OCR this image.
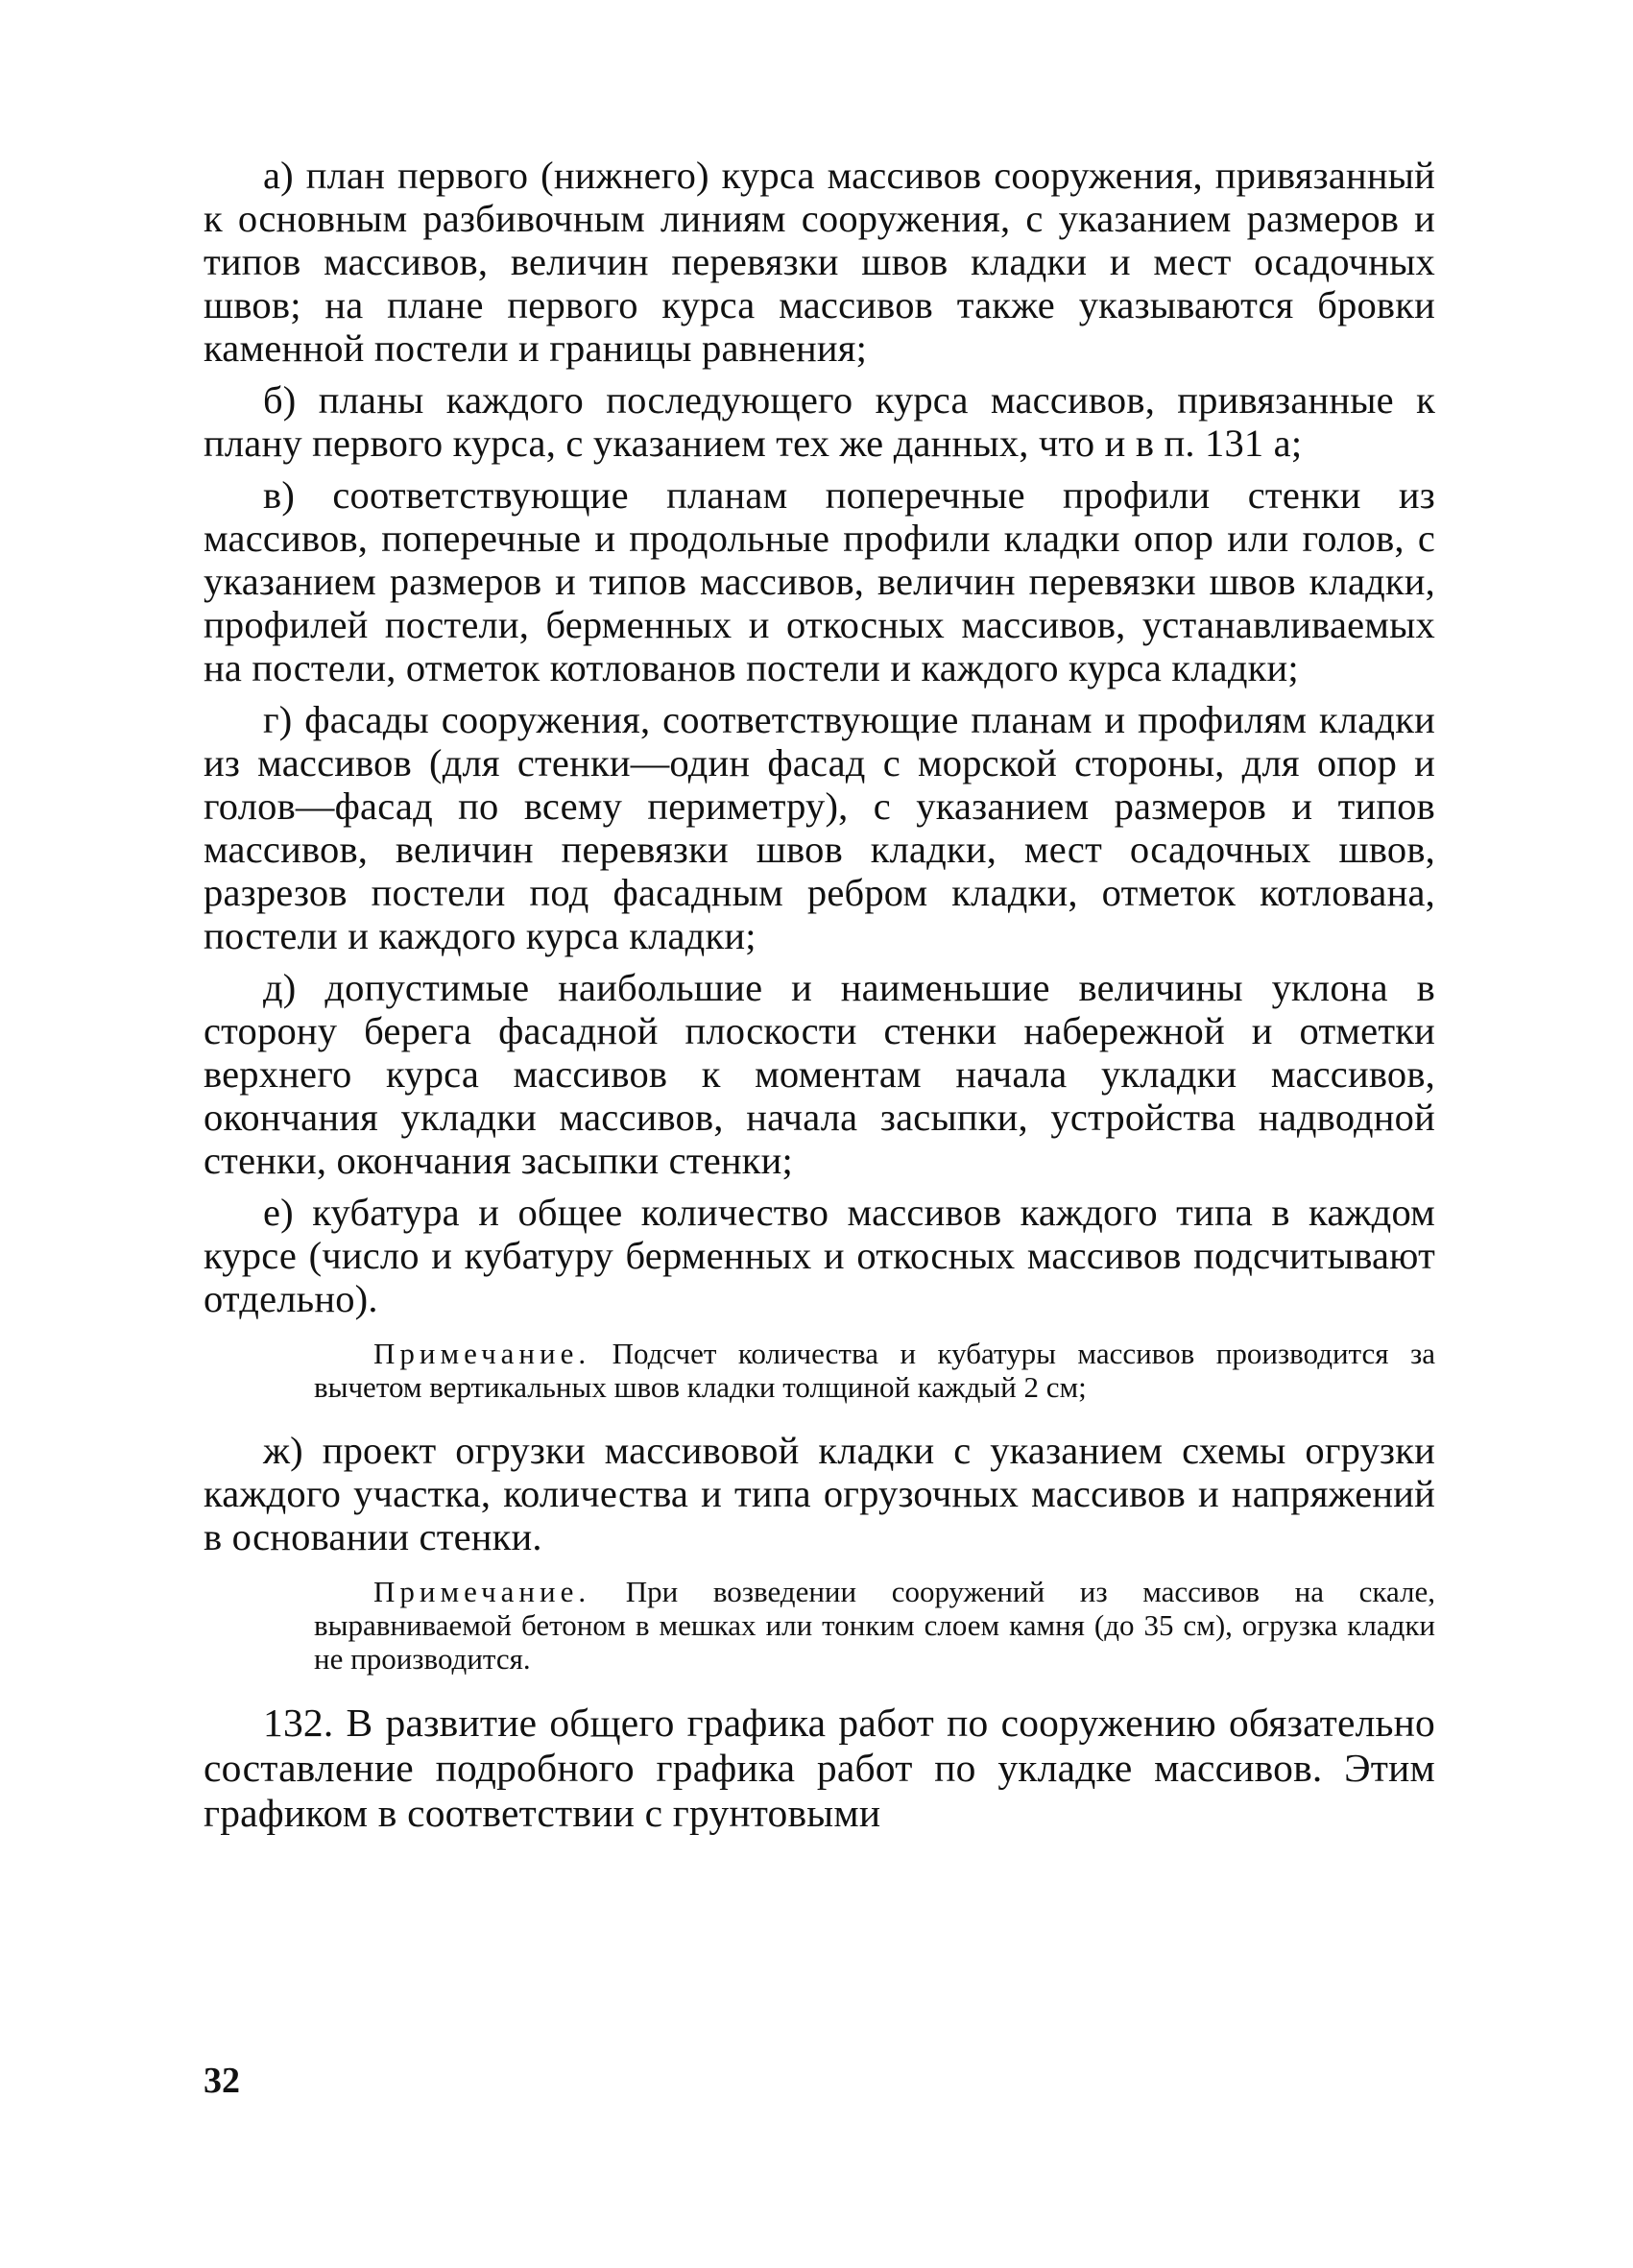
а) план первого (нижнего) курса массивов сооружения, привязанный к основным разбивочным линиям сооружения, с указанием размеров и типов массивов, величин перевязки швов кладки и мест осадочных швов; на плане первого курса массивов также указываются бровки каменной постели и границы равнения;

б) планы каждого последующего курса массивов, привязанные к плану первого курса, с указанием тех же данных, что и в п. 131 а;

в) соответствующие планам поперечные профили стенки из массивов, поперечные и продольные профили кладки опор или голов, с указанием размеров и типов массивов, величин перевязки швов кладки, профилей постели, берменных и откосных массивов, устанавливаемых на постели, отметок котлованов постели и каждого курса кладки;

г) фасады сооружения, соответствующие планам и профилям кладки из массивов (для стенки—один фасад с морской стороны, для опор и голов—фасад по всему периметру), с указанием размеров и типов массивов, величин перевязки швов кладки, мест осадочных швов, разрезов постели под фасадным ребром кладки, отметок котлована, постели и каждого курса кладки;

д) допустимые наибольшие и наименьшие величины уклона в сторону берега фасадной плоскости стенки набережной и отметки верхнего курса массивов к моментам начала укладки массивов, окончания укладки массивов, начала засыпки, устройства надводной стенки, окончания засыпки стенки;

е) кубатура и общее количество массивов каждого типа в каждом курсе (число и кубатуру берменных и откосных массивов подсчитывают отдельно).

Примечание. Подсчет количества и кубатуры массивов производится за вычетом вертикальных швов кладки толщиной каждый 2 см;

ж) проект огрузки массивовой кладки с указанием схемы огрузки каждого участка, количества и типа огрузочных массивов и напряжений в основании стенки.

Примечание. При возведении сооружений из массивов на скале, выравниваемой бетоном в мешках или тонким слоем камня (до 35 см), огрузка кладки не производится.

132. В развитие общего графика работ по сооружению обязательно составление подробного графика работ по укладке массивов. Этим графиком в соответствии с грунтовыми

32
